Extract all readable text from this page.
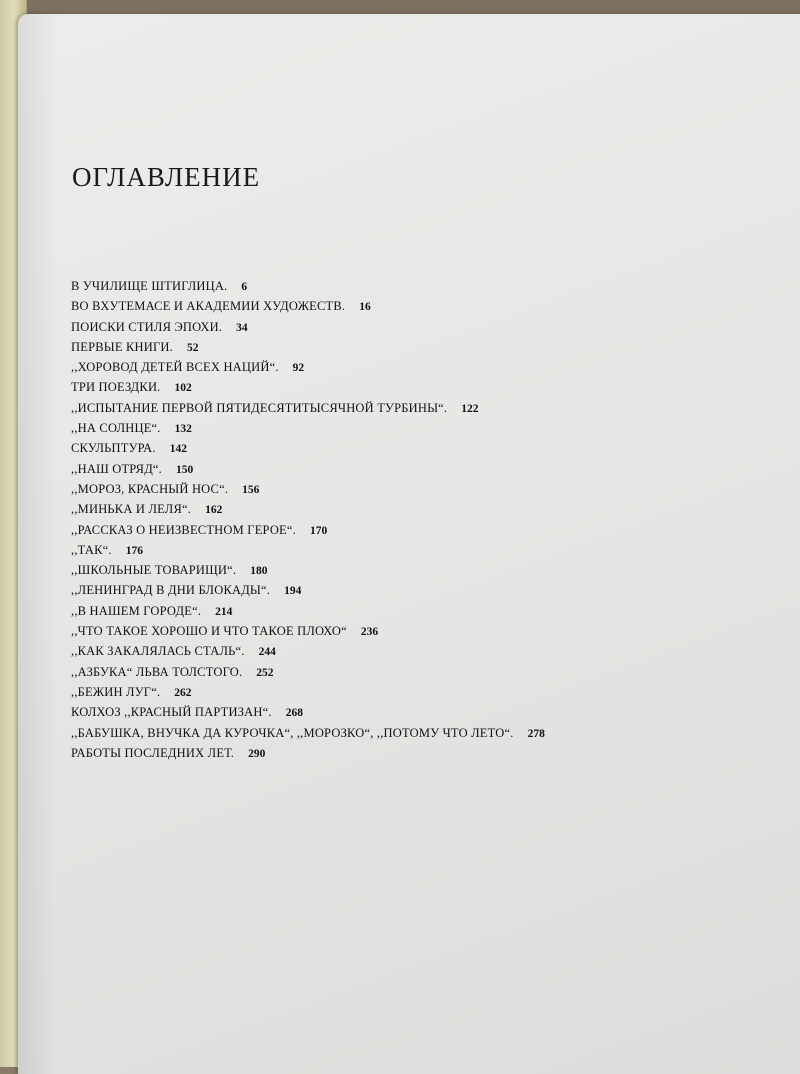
ОГЛАВЛЕНИЕ
В УЧИЛИЩЕ ШТИГЛИЦА. 6
ВО ВХУТЕМАСЕ И АКАДЕМИИ ХУДОЖЕСТВ. 16
ПОИСКИ СТИЛЯ ЭПОХИ. 34
ПЕРВЫЕ КНИГИ. 52
,,ХОРОВОД ДЕТЕЙ ВСЕХ НАЦИЙ“. 92
ТРИ ПОЕЗДКИ. 102
,,ИСПЫТАНИЕ ПЕРВОЙ ПЯТИДЕСЯТИТЫСЯЧНОЙ ТУРБИНЫ“. 122
,,НА СОЛНЦЕ“. 132
СКУЛЬПТУРА. 142
,,НАШ ОТРЯД“. 150
,,МОРОЗ, КРАСНЫЙ НОС“. 156
,,МИНЬКА И ЛЕЛЯ“. 162
,,РАССКАЗ О НЕИЗВЕСТНОМ ГЕРОЕ“. 170
,,ТАК“. 176
,,ШКОЛЬНЫЕ ТОВАРИЩИ“. 180
,,ЛЕНИНГРАД В ДНИ БЛОКАДЫ“. 194
,,В НАШЕМ ГОРОДЕ“. 214
,,ЧТО ТАКОЕ ХОРОШО И ЧТО ТАКОЕ ПЛОХО“ 236
,,КАК ЗАКАЛЯЛАСЬ СТАЛЬ“. 244
,,АЗБУКА“ ЛЬВА ТОЛСТОГО. 252
,,БЕЖИН ЛУГ“. 262
КОЛХОЗ ,,КРАСНЫЙ ПАРТИЗАН“. 268
,,БАБУШКА, ВНУЧКА ДА КУРОЧКА“, ,,МОРОЗКО“, ,,ПОТОМУ ЧТО ЛЕТО“. 278
РАБОТЫ ПОСЛЕДНИХ ЛЕТ. 290
